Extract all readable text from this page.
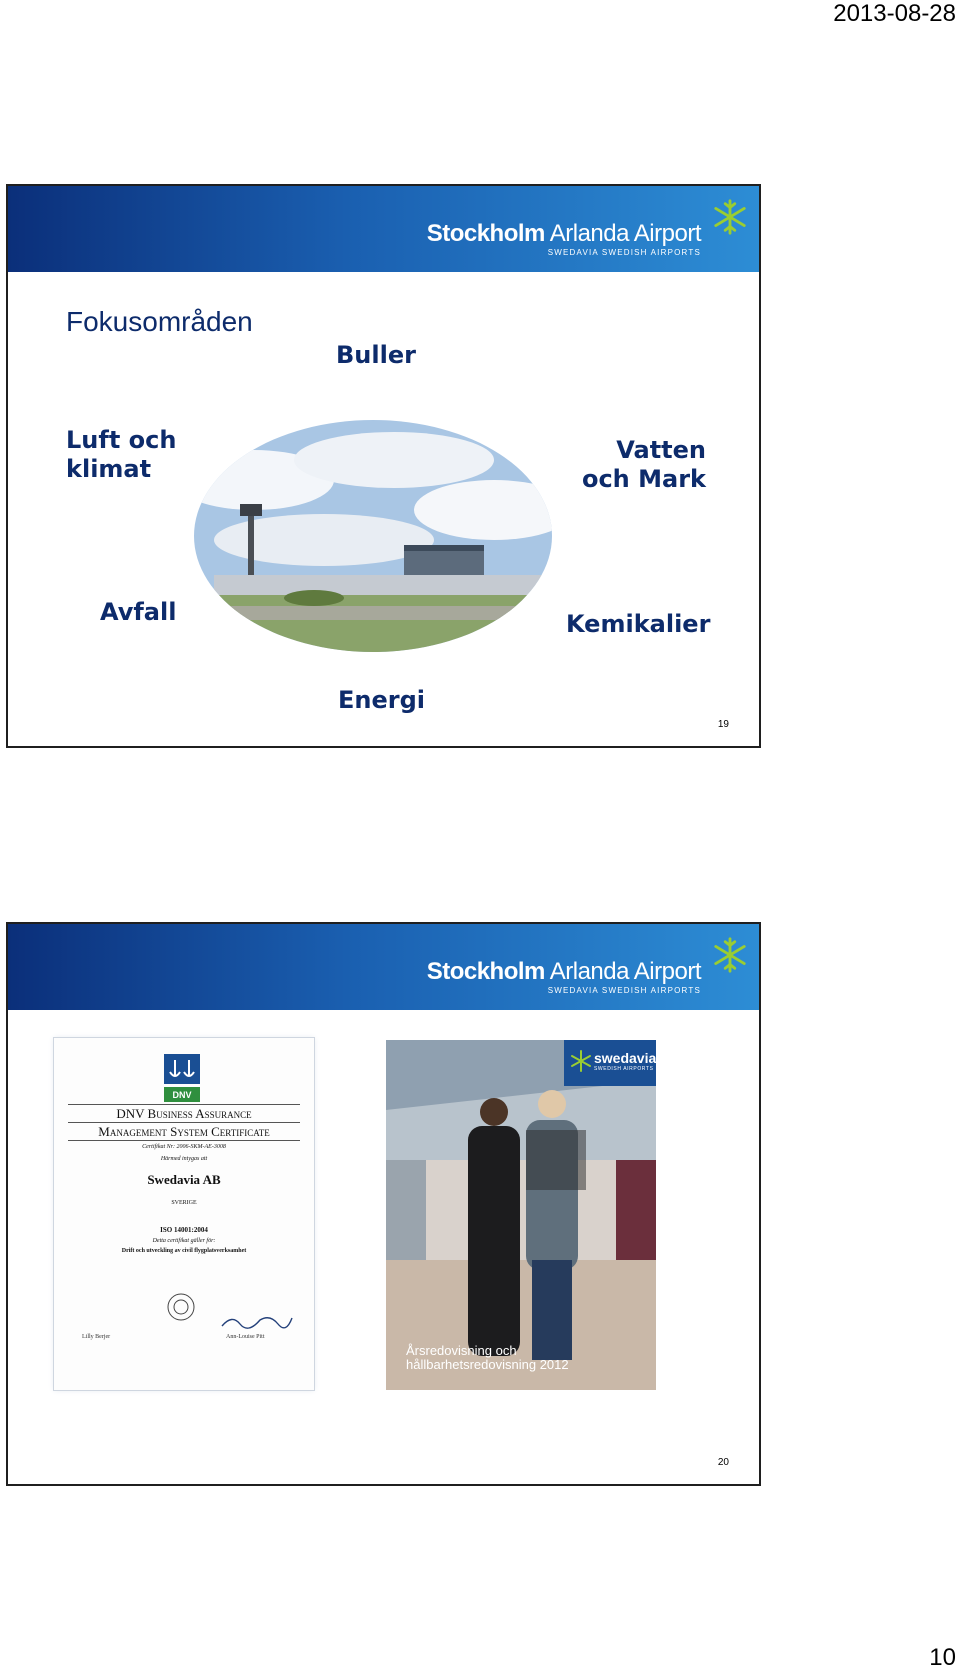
2013-08-28
Stockholm Arlanda Airport
SWEDAVIA SWEDISH AIRPORTS
Fokusområden
Buller
Luft och
klimat
Vatten
och Mark
Avfall	Kemikalier
Energi
19
Stockholm Arlanda Airport
SWEDAVIA SWEDISH AIRPORTS
DNV
DNV Business Assurance
Management System Certificate
Certifikat Nr: 2006-SKM-AE-3008
Härmed intygas att
Swedavia AB
SVERIGE
ISO 14001:2004
Detta certifikat gäller för:
Drift och utveckling av civil flygplatsverksamhet
Lilly Berjer	Ann-Louise Pitt
swedavia
SWEDISH AIRPORTS
Årsredovisning och
hållbarhetsredovisning 2012
20
10
